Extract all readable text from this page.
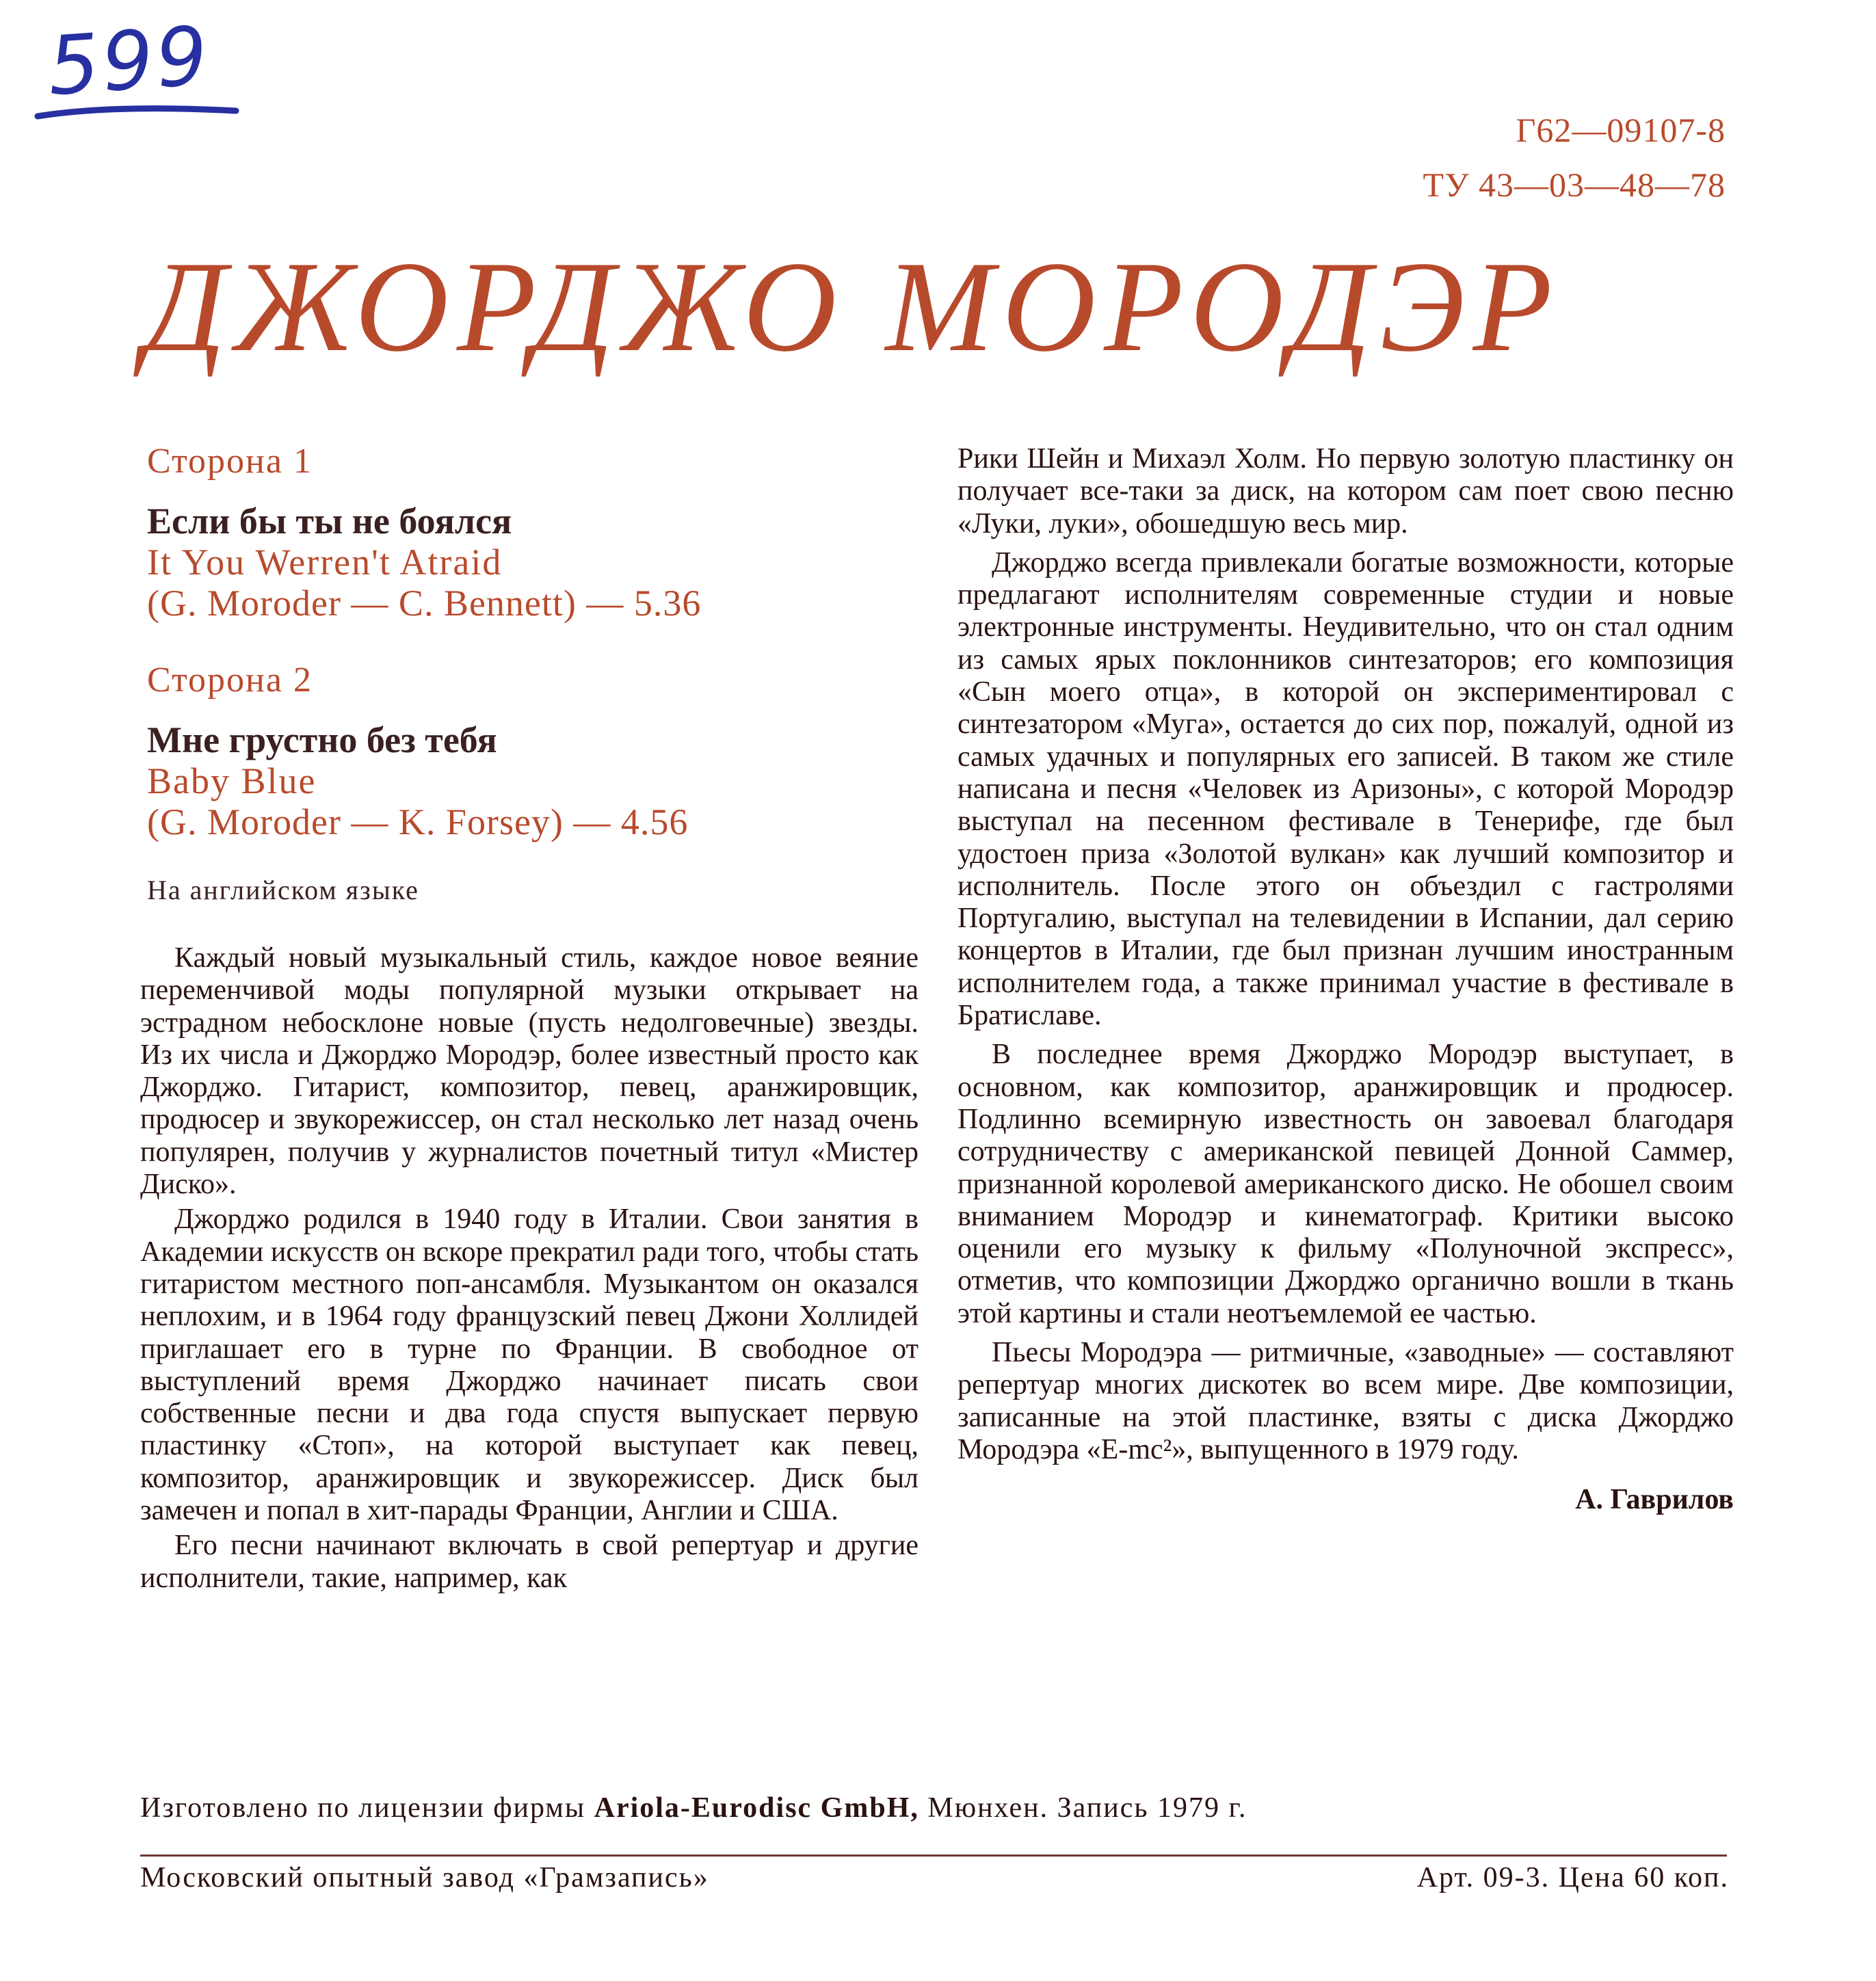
599
Г62—09107-8
ТУ 43—03—48—78
ДЖОРДЖО МОРОДЭР

Сторона 1

Если бы ты не боялся

It You Werren't Atraid

(G. Moroder — C. Bennett) — 5.36

Сторона 2

Мне грустно без тебя

Baby Blue

(G. Moroder — K. Forsey) — 4.56

На английском языке

Каждый новый музыкальный стиль, каждое новое веяние переменчивой моды популярной музыки открывает на эстрадном небосклоне новые (пусть недолговечные) звезды. Из их числа и Джорджо Мородэр, более известный просто как Джорджо. Гитарист, композитор, певец, аранжировщик, продюсер и звукорежиссер, он стал несколько лет назад очень популярен, получив у журналистов почетный титул «Мистер Диско».

Джорджо родился в 1940 году в Италии. Свои занятия в Академии искусств он вскоре прекратил ради того, чтобы стать гитаристом местного поп-ансамбля. Музыкантом он оказался неплохим, и в 1964 году французский певец Джони Холлидей приглашает его в турне по Франции. В свободное от выступлений время Джорджо начинает писать свои собственные песни и два года спустя выпускает первую пластинку «Стоп», на которой выступает как певец, композитор, аранжировщик и звукорежиссер. Диск был замечен и попал в хит-парады Франции, Англии и США.

Его песни начинают включать в свой репертуар и другие исполнители, такие, например, как

Рики Шейн и Михаэл Холм. Но первую золотую пластинку он получает все-таки за диск, на котором сам поет свою песню «Луки, луки», обошедшую весь мир.

Джорджо всегда привлекали богатые возможности, которые предлагают исполнителям современные студии и новые электронные инструменты. Неудивительно, что он стал одним из самых ярых поклонников синтезаторов; его композиция «Сын моего отца», в которой он экспериментировал с синтезатором «Муга», остается до сих пор, пожалуй, одной из самых удачных и популярных его записей. В таком же стиле написана и песня «Человек из Аризоны», с которой Мородэр выступал на песенном фестивале в Тенерифе, где был удостоен приза «Золотой вулкан» как лучший композитор и исполнитель. После этого он объездил с гастролями Португалию, выступал на телевидении в Испании, дал серию концертов в Италии, где был признан лучшим иностранным исполнителем года, а также принимал участие в фестивале в Братиславе.

В последнее время Джорджо Мородэр выступает, в основном, как композитор, аранжировщик и продюсер. Подлинно всемирную известность он завоевал благодаря сотрудничеству с американской певицей Донной Саммер, признанной королевой американского диско. Не обошел своим вниманием Мородэр и кинематограф. Критики высоко оценили его музыку к фильму «Полуночной экспресс», отметив, что композиции Джорджо органично вошли в ткань этой картины и стали неотъемлемой ее частью.

Пьесы Мородэра — ритмичные, «заводные» — составляют репертуар многих дискотек во всем мире. Две композиции, записанные на этой пластинке, взяты с диска Джорджо Мородэра «E-mc²», выпущенного в 1979 году.

А. Гаврилов
Изготовлено по лицензии фирмы Ariola-Eurodisc GmbH, Мюнхен. Запись 1979 г.
Московский опытный завод «Грамзапись»	Арт. 09-3. Цена 60 коп.
